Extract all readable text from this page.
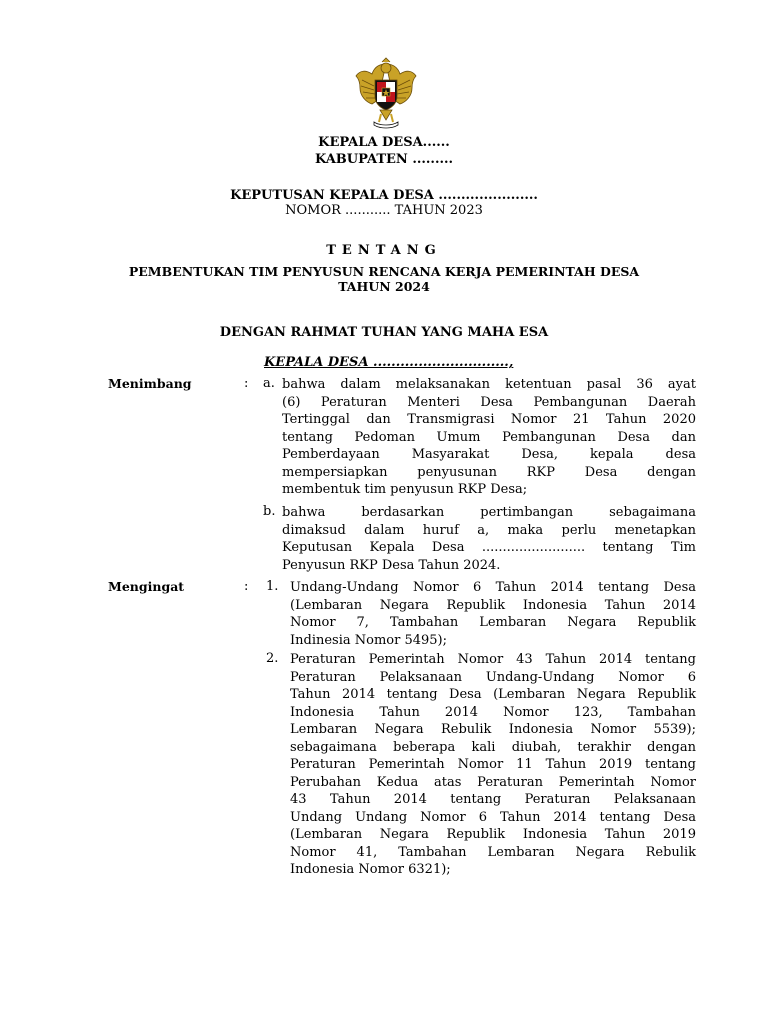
KEPALA DESA......
KABUPATEN .........
KEPUTUSAN KEPALA DESA ......................
NOMOR ........... TAHUN 2023
TENTANG
PEMBENTUKAN TIM PENYUSUN RENCANA KERJA PEMERINTAH DESA
TAHUN 2024
DENGAN RAHMAT TUHAN YANG MAHA ESA
KEPALA DESA ..............................,
Menimbang	: a. bahwa dalam melaksanakan ketentuan pasal 36 ayat
(6) Peraturan Menteri Desa Pembangunan Daerah
Tertinggal dan Transmigrasi Nomor 21 Tahun 2020
tentang Pedoman Umum Pembangunan Desa dan
Pemberdayaan Masyarakat Desa, kepala desa
mempersiapkan penyusunan RKP Desa dengan
membentuk tim penyusun RKP Desa;
b. bahwa berdasarkan pertimbangan sebagaimana
dimaksud dalam huruf a, maka perlu menetapkan
Keputusan Kepala Desa ......................... tentang Tim
Penyusun RKP Desa Tahun 2024.
Mengingat	: 1. Undang-Undang Nomor 6 Tahun 2014 tentang Desa
(Lembaran Negara Republik Indonesia Tahun 2014
Nomor 7, Tambahan Lembaran Negara Republik
Indinesia Nomor 5495);
2. Peraturan Pemerintah Nomor 43 Tahun 2014 tentang
Peraturan Pelaksanaan Undang-Undang Nomor 6
Tahun 2014 tentang Desa (Lembaran Negara Republik
Indonesia Tahun 2014 Nomor 123, Tambahan
Lembaran Negara Rebulik Indonesia Nomor 5539);
sebagaimana beberapa kali diubah, terakhir dengan
Peraturan Pemerintah Nomor 11 Tahun 2019 tentang
Perubahan Kedua atas Peraturan Pemerintah Nomor
43 Tahun 2014 tentang Peraturan Pelaksanaan
Undang Undang Nomor 6 Tahun 2014 tentang Desa
(Lembaran Negara Republik Indonesia Tahun 2019
Nomor 41, Tambahan Lembaran Negara Rebulik
Indonesia Nomor 6321);
